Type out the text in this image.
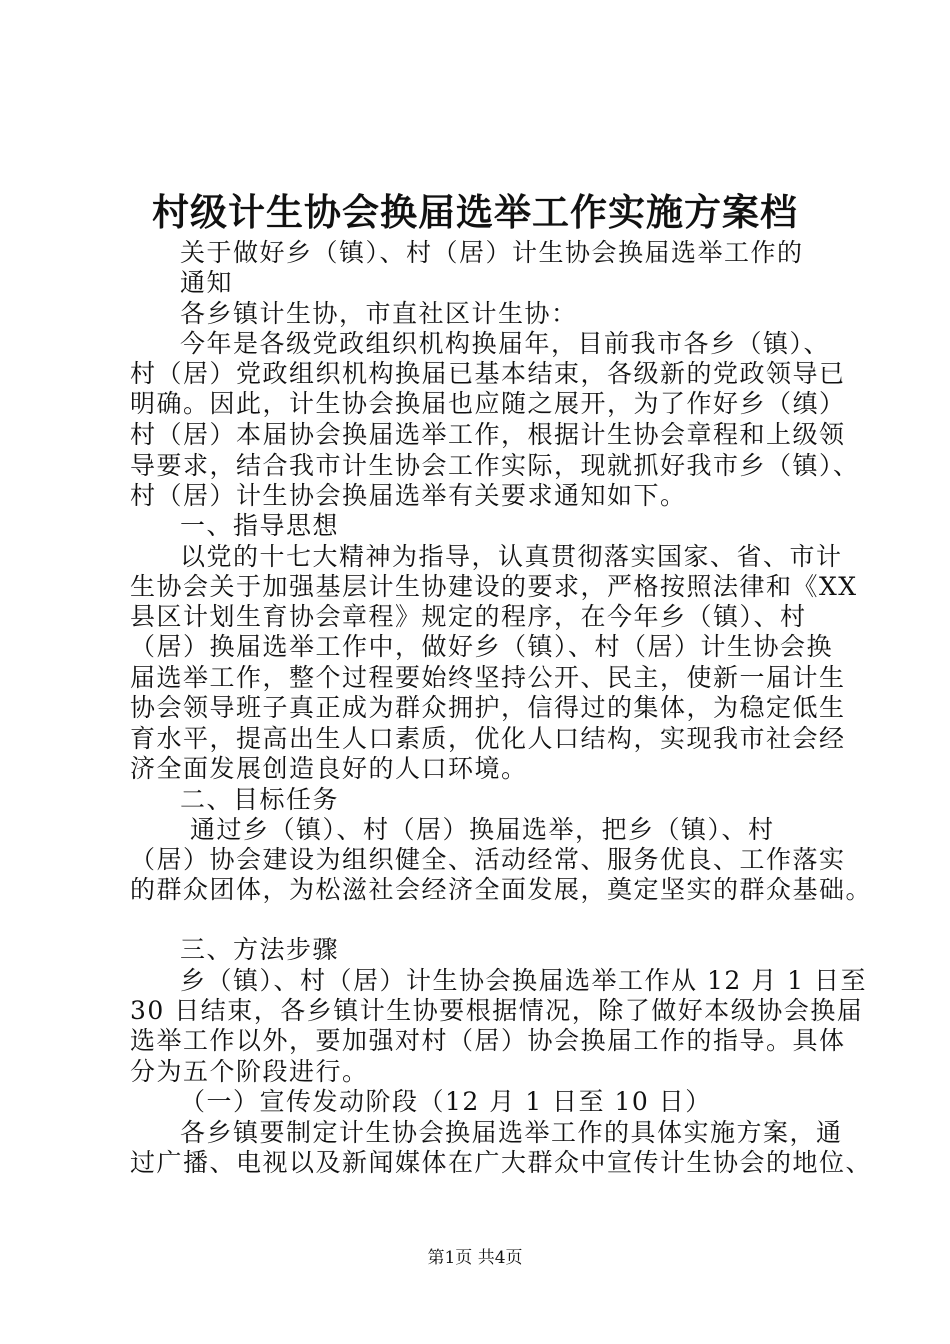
村级计生协会换届选举工作实施方案档

关于做好乡（镇）、村（居）计生协会换届选举工作的

通知

各乡镇计生协，市直社区计生协：

今年是各级党政组织机构换届年，目前我市各乡（镇）、

村（居）党政组织机构换届已基本结束，各级新的党政领导已

明确。因此，计生协会换届也应随之展开，为了作好乡（缜）

村（居）本届协会换届选举工作，根据计生协会章程和上级领

导要求，结合我市计生协会工作实际，现就抓好我市乡（镇）、

村（居）计生协会换届选举有关要求通知如下。

一、指导思想

以党的十七大精神为指导，认真贯彻落实国家、省、市计

生协会关于加强基层计生协建设的要求，严格按照法律和《XX

县区计划生育协会章程》规定的程序，在今年乡（镇）、村

（居）换届选举工作中，做好乡（镇）、村（居）计生协会换

届选举工作，整个过程要始终坚持公开、民主，使新一届计生

协会领导班子真正成为群众拥护，信得过的集体，为稳定低生

育水平，提高出生人口素质，优化人口结构，实现我市社会经

济全面发展创造良好的人口环境。

二、目标任务

通过乡（镇）、村（居）换届选举，把乡（镇）、村

（居）协会建设为组织健全、活动经常、服务优良、工作落实

的群众团体，为松滋社会经济全面发展，奠定坚实的群众基础。

三、方法步骤

乡（镇）、村（居）计生协会换届选举工作从 12 月 1 日至

30 日结束，各乡镇计生协要根据情况，除了做好本级协会换届

选举工作以外，要加强对村（居）协会换届工作的指导。具体

分为五个阶段进行。

（一）宣传发动阶段（12 月 1 日至 10 日）

各乡镇要制定计生协会换届选举工作的具体实施方案，通

过广播、电视以及新闻媒体在广大群众中宣传计生协会的地位、

第1页 共4页
